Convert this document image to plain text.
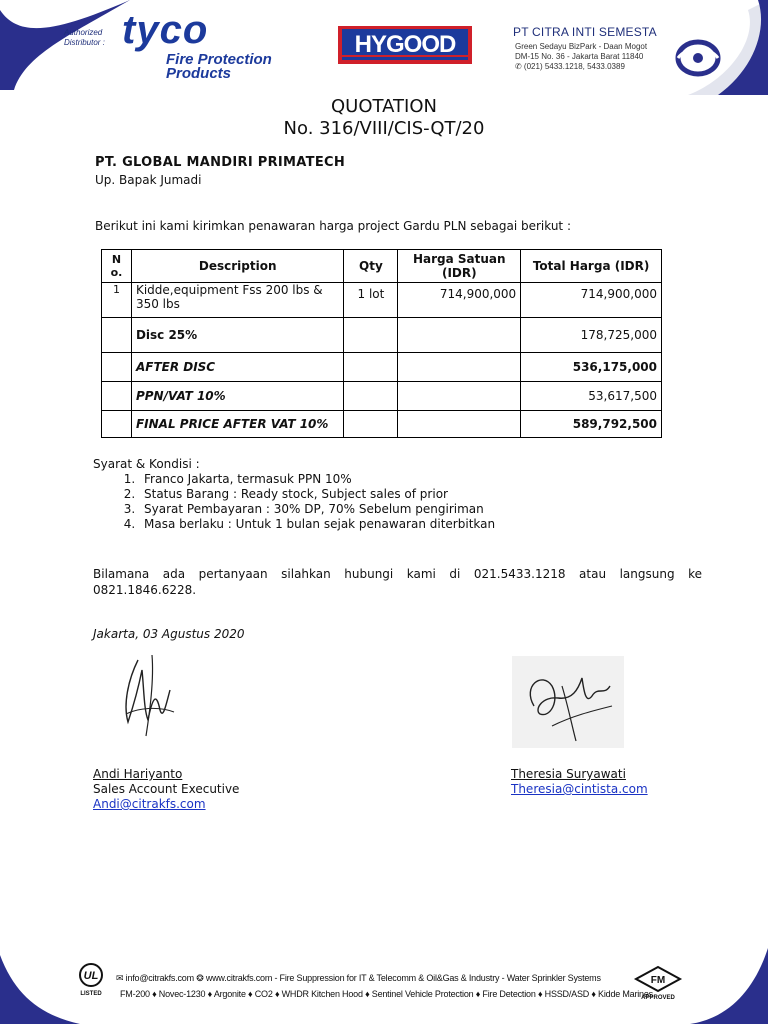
Authorized
Distributor : tyco
Fire Protection
Products
HYGOOD	PT CITRA INTI SEMESTA
Green Sedayu BizPark - Daan Mogot
DM-15 No. 36 - Jakarta Barat 11840
✆ (021) 5433.1218, 5433.0389
QUOTATION
No. 316/VIII/CIS-QT/20
PT. GLOBAL MANDIRI PRIMATECH
Up. Bapak Jumadi
Berikut ini kami kirimkan penawaran harga project Gardu PLN sebagai berikut :
N o.	Description	Qty	Harga Satuan (IDR)	Total Harga (IDR)
1	Kidde,equipment Fss 200 lbs & 350 lbs	1 lot	714,900,000	714,900,000
	Disc 25%			178,725,000
	AFTER DISC			536,175,000
	PPN/VAT 10%			53,617,500
	FINAL PRICE AFTER VAT 10%			589,792,500
Syarat & Kondisi :
1. Franco Jakarta, termasuk PPN 10%
2. Status Barang : Ready stock, Subject sales of prior
3. Syarat Pembayaran : 30% DP, 70% Sebelum pengiriman
4. Masa berlaku : Untuk 1 bulan sejak penawaran diterbitkan
Bilamana ada pertanyaan silahkan hubungi kami di 021.5433.1218 atau langsung ke 0821.1846.6228.
Jakarta, 03 Agustus 2020
Andi Hariyanto
Sales Account Executive
Andi@citrakfs.com
Theresia Suryawati
Theresia@cintista.com
UL
LISTED
✉ info@citrakfs.com ❂ www.citrakfs.com - Fire Suppression for IT & Telecomm & Oil&Gas & Industry - Water Sprinkler Systems
FM-200 ♦ Novec-1230 ♦ Argonite ♦ CO2 ♦ WHDR Kitchen Hood ♦ Sentinel Vehicle Protection ♦ Fire Detection ♦ HSSD/ASD ♦ Kidde Marines
FM
APPROVED
